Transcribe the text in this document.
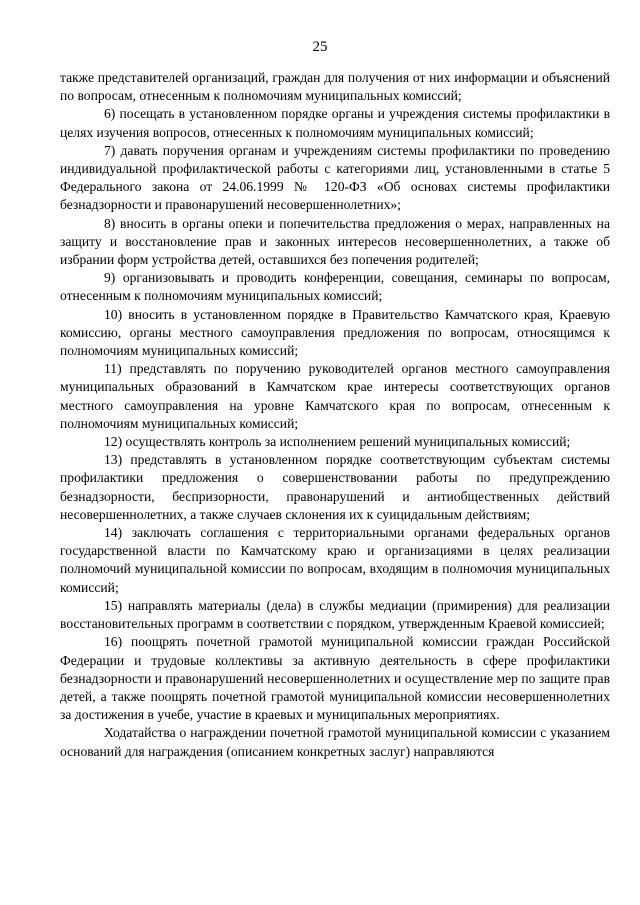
25

также представителей организаций, граждан для получения от них информации и объяснений по вопросам, отнесенным к полномочиям муниципальных комиссий;

6) посещать в установленном порядке органы и учреждения системы профилактики в целях изучения вопросов, отнесенных к полномочиям муниципальных комиссий;

7) давать поручения органам и учреждениям системы профилактики по проведению индивидуальной профилактической работы с категориями лиц, установленными в статье 5 Федерального закона от 24.06.1999 № 120-ФЗ «Об основах системы профилактики безнадзорности и правонарушений несовершеннолетних»;

8) вносить в органы опеки и попечительства предложения о мерах, направленных на защиту и восстановление прав и законных интересов несовершеннолетних, а также об избрании форм устройства детей, оставшихся без попечения родителей;

9) организовывать и проводить конференции, совещания, семинары по вопросам, отнесенным к полномочиям муниципальных комиссий;

10) вносить в установленном порядке в Правительство Камчатского края, Краевую комиссию, органы местного самоуправления предложения по вопросам, относящимся к полномочиям муниципальных комиссий;

11) представлять по поручению руководителей органов местного самоуправления муниципальных образований в Камчатском крае интересы соответствующих органов местного самоуправления на уровне Камчатского края по вопросам, отнесенным к полномочиям муниципальных комиссий;

12) осуществлять контроль за исполнением решений муниципальных комиссий;

13) представлять в установленном порядке соответствующим субъектам системы профилактики предложения о совершенствовании работы по предупреждению безнадзорности, беспризорности, правонарушений и антиобщественных действий несовершеннолетних, а также случаев склонения их к суицидальным действиям;

14) заключать соглашения с территориальными органами федеральных органов государственной власти по Камчатскому краю и организациями в целях реализации полномочий муниципальной комиссии по вопросам, входящим в полномочия муниципальных комиссий;

15) направлять материалы (дела) в службы медиации (примирения) для реализации восстановительных программ в соответствии с порядком, утвержденным Краевой комиссией;

16) поощрять почетной грамотой муниципальной комиссии граждан Российской Федерации и трудовые коллективы за активную деятельность в сфере профилактики безнадзорности и правонарушений несовершеннолетних и осуществление мер по защите прав детей, а также поощрять почетной грамотой муниципальной комиссии несовершеннолетних за достижения в учебе, участие в краевых и муниципальных мероприятиях.

Ходатайства о награждении почетной грамотой муниципальной комиссии с указанием оснований для награждения (описанием конкретных заслуг) направляются
